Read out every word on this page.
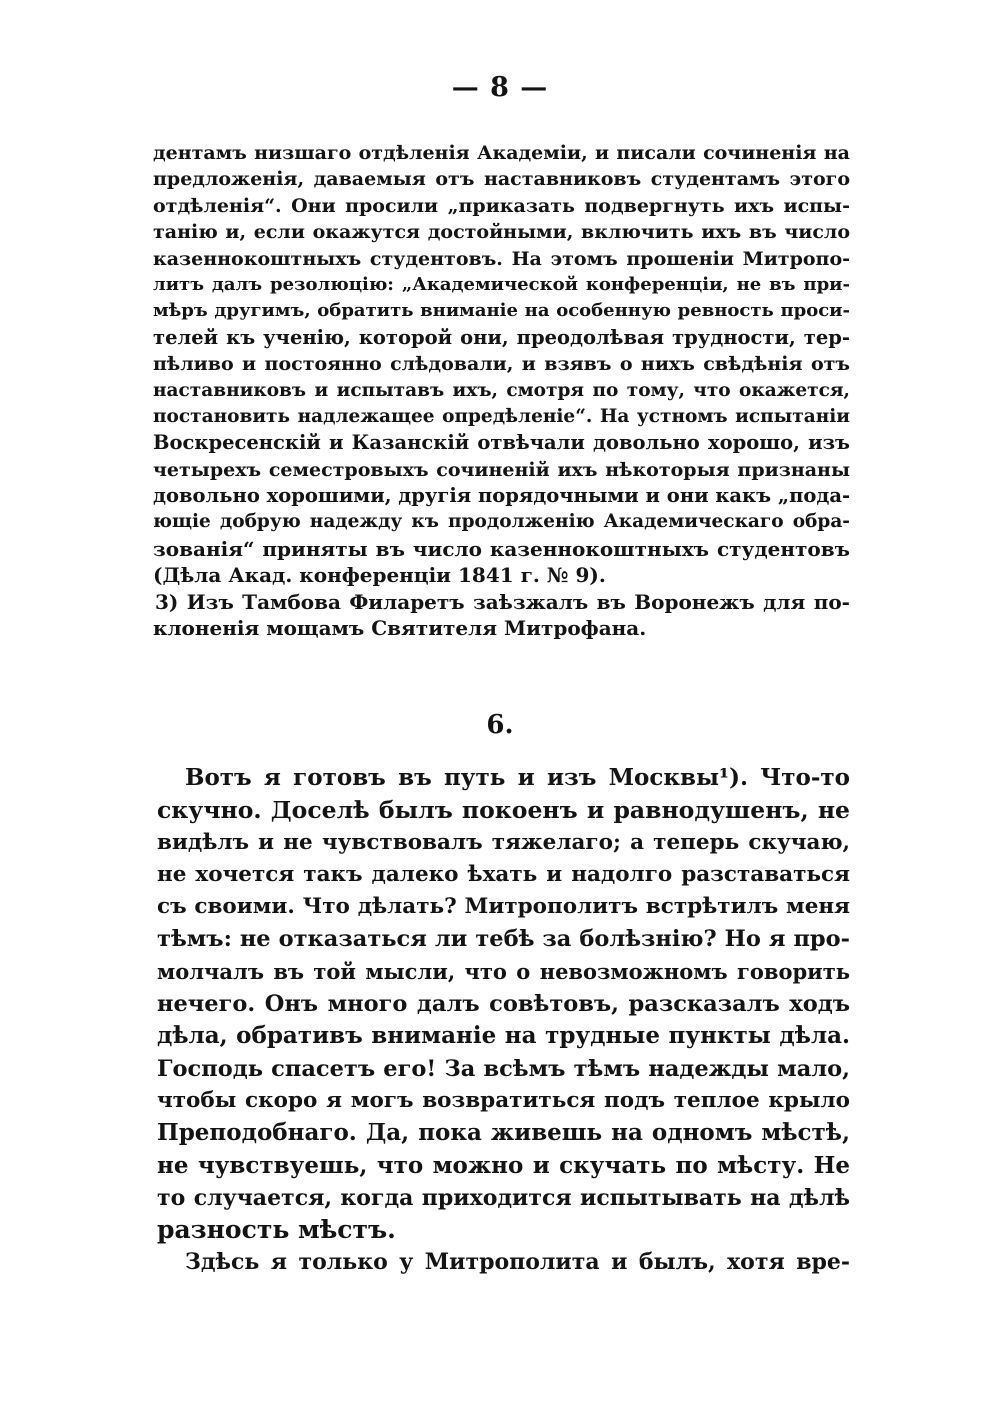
— 8 —
дентамъ низшаго отдѣленія Академіи, и писали сочиненія на
предложенія, даваемыя отъ наставниковъ студентамъ этого
отдѣленія“. Они просили „приказать подвергнуть ихъ испы-
танію и, если окажутся достойными, включить ихъ въ число
казеннокоштныхъ студентовъ. На этомъ прошеніи Митропо-
литъ далъ резолюцію: „Академической конференціи, не въ при-
мѣръ другимъ, обратить вниманіе на особенную ревность проси-
телей къ ученію, которой они, преодолѣвая трудности, тер-
пѣливо и постоянно слѣдовали, и взявъ о нихъ свѣдѣнія отъ
наставниковъ и испытавъ ихъ, смотря по тому, что окажется,
постановить надлежащее опредѣленіе“. На устномъ испытаніи
Воскресенскій и Казанскій отвѣчали довольно хорошо, изъ
четырехъ семестровыхъ сочиненій ихъ нѣкоторыя признаны
довольно хорошими, другія порядочными и они какъ „пода-
ющіе добрую надежду къ продолженію Академическаго обра-
зованія“ приняты въ число казеннокоштныхъ студентовъ
(Дѣла Акад. конференціи 1841 г. № 9).
3) Изъ Тамбова Филаретъ заѣзжалъ въ Воронежъ для по-
клоненія мощамъ Святителя Митрофана.
6.
Вотъ я готовъ въ путь и изъ Москвы¹). Что-то
скучно. Доселѣ былъ покоенъ и равнодушенъ, не
видѣлъ и не чувствовалъ тяжелаго; а теперь скучаю,
не хочется такъ далеко ѣхать и надолго разставаться
съ своими. Что дѣлать? Митрополитъ встрѣтилъ меня
тѣмъ: не отказаться ли тебѣ за болѣзнію? Но я про-
молчалъ въ той мысли, что о невозможномъ говорить
нечего. Онъ много далъ совѣтовъ, разсказалъ ходъ
дѣла, обративъ вниманіе на трудные пункты дѣла.
Господь спасетъ его! За всѣмъ тѣмъ надежды мало,
чтобы скоро я могъ возвратиться подъ теплое крыло
Преподобнаго. Да, пока живешь на одномъ мѣстѣ,
не чувствуешь, что можно и скучать по мѣсту. Не
то случается, когда приходится испытывать на дѣлѣ
разность мѣстъ.
Здѣсь я только у Митрополита и былъ, хотя вре-
